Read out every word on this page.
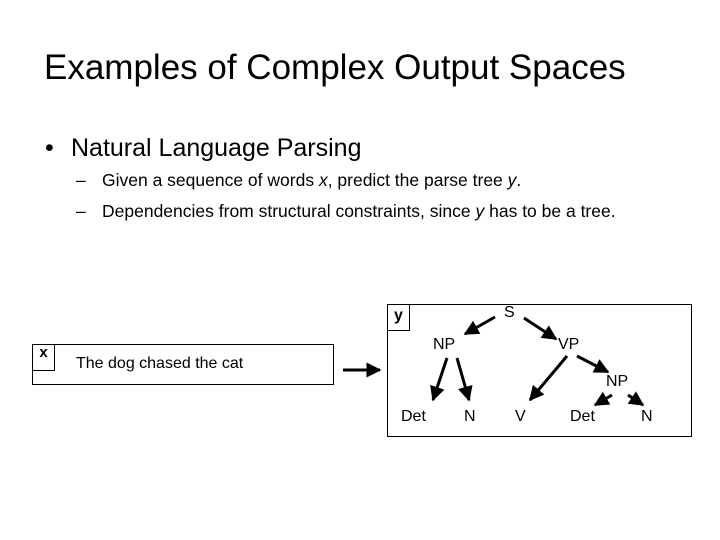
Examples of Complex Output Spaces
• Natural Language Parsing
– Given a sequence of words x, predict the parse tree y.
– Dependencies from structural constraints, since y has to be a tree.
x
The dog chased the cat
y	S
NP	VP
NP
Det N V	Det	N
